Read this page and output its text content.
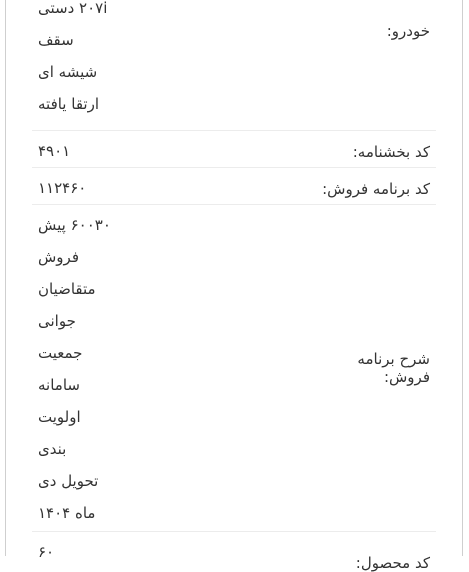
خودرو:
۲۰۷i دستی
سقف
شیشه ای
ارتقا یافته
کد بخشنامه:
۴۹۰۱
کد برنامه فروش:
۱۱۲۴۶۰
شرح برنامه فروش:
۶۰۰۳۰ پیش
فروش
متقاضیان
جوانی
جمعیت
سامانه
اولویت
بندی
تحویل دی
ماه ۱۴۰۴
کد محصول:
۶۰
